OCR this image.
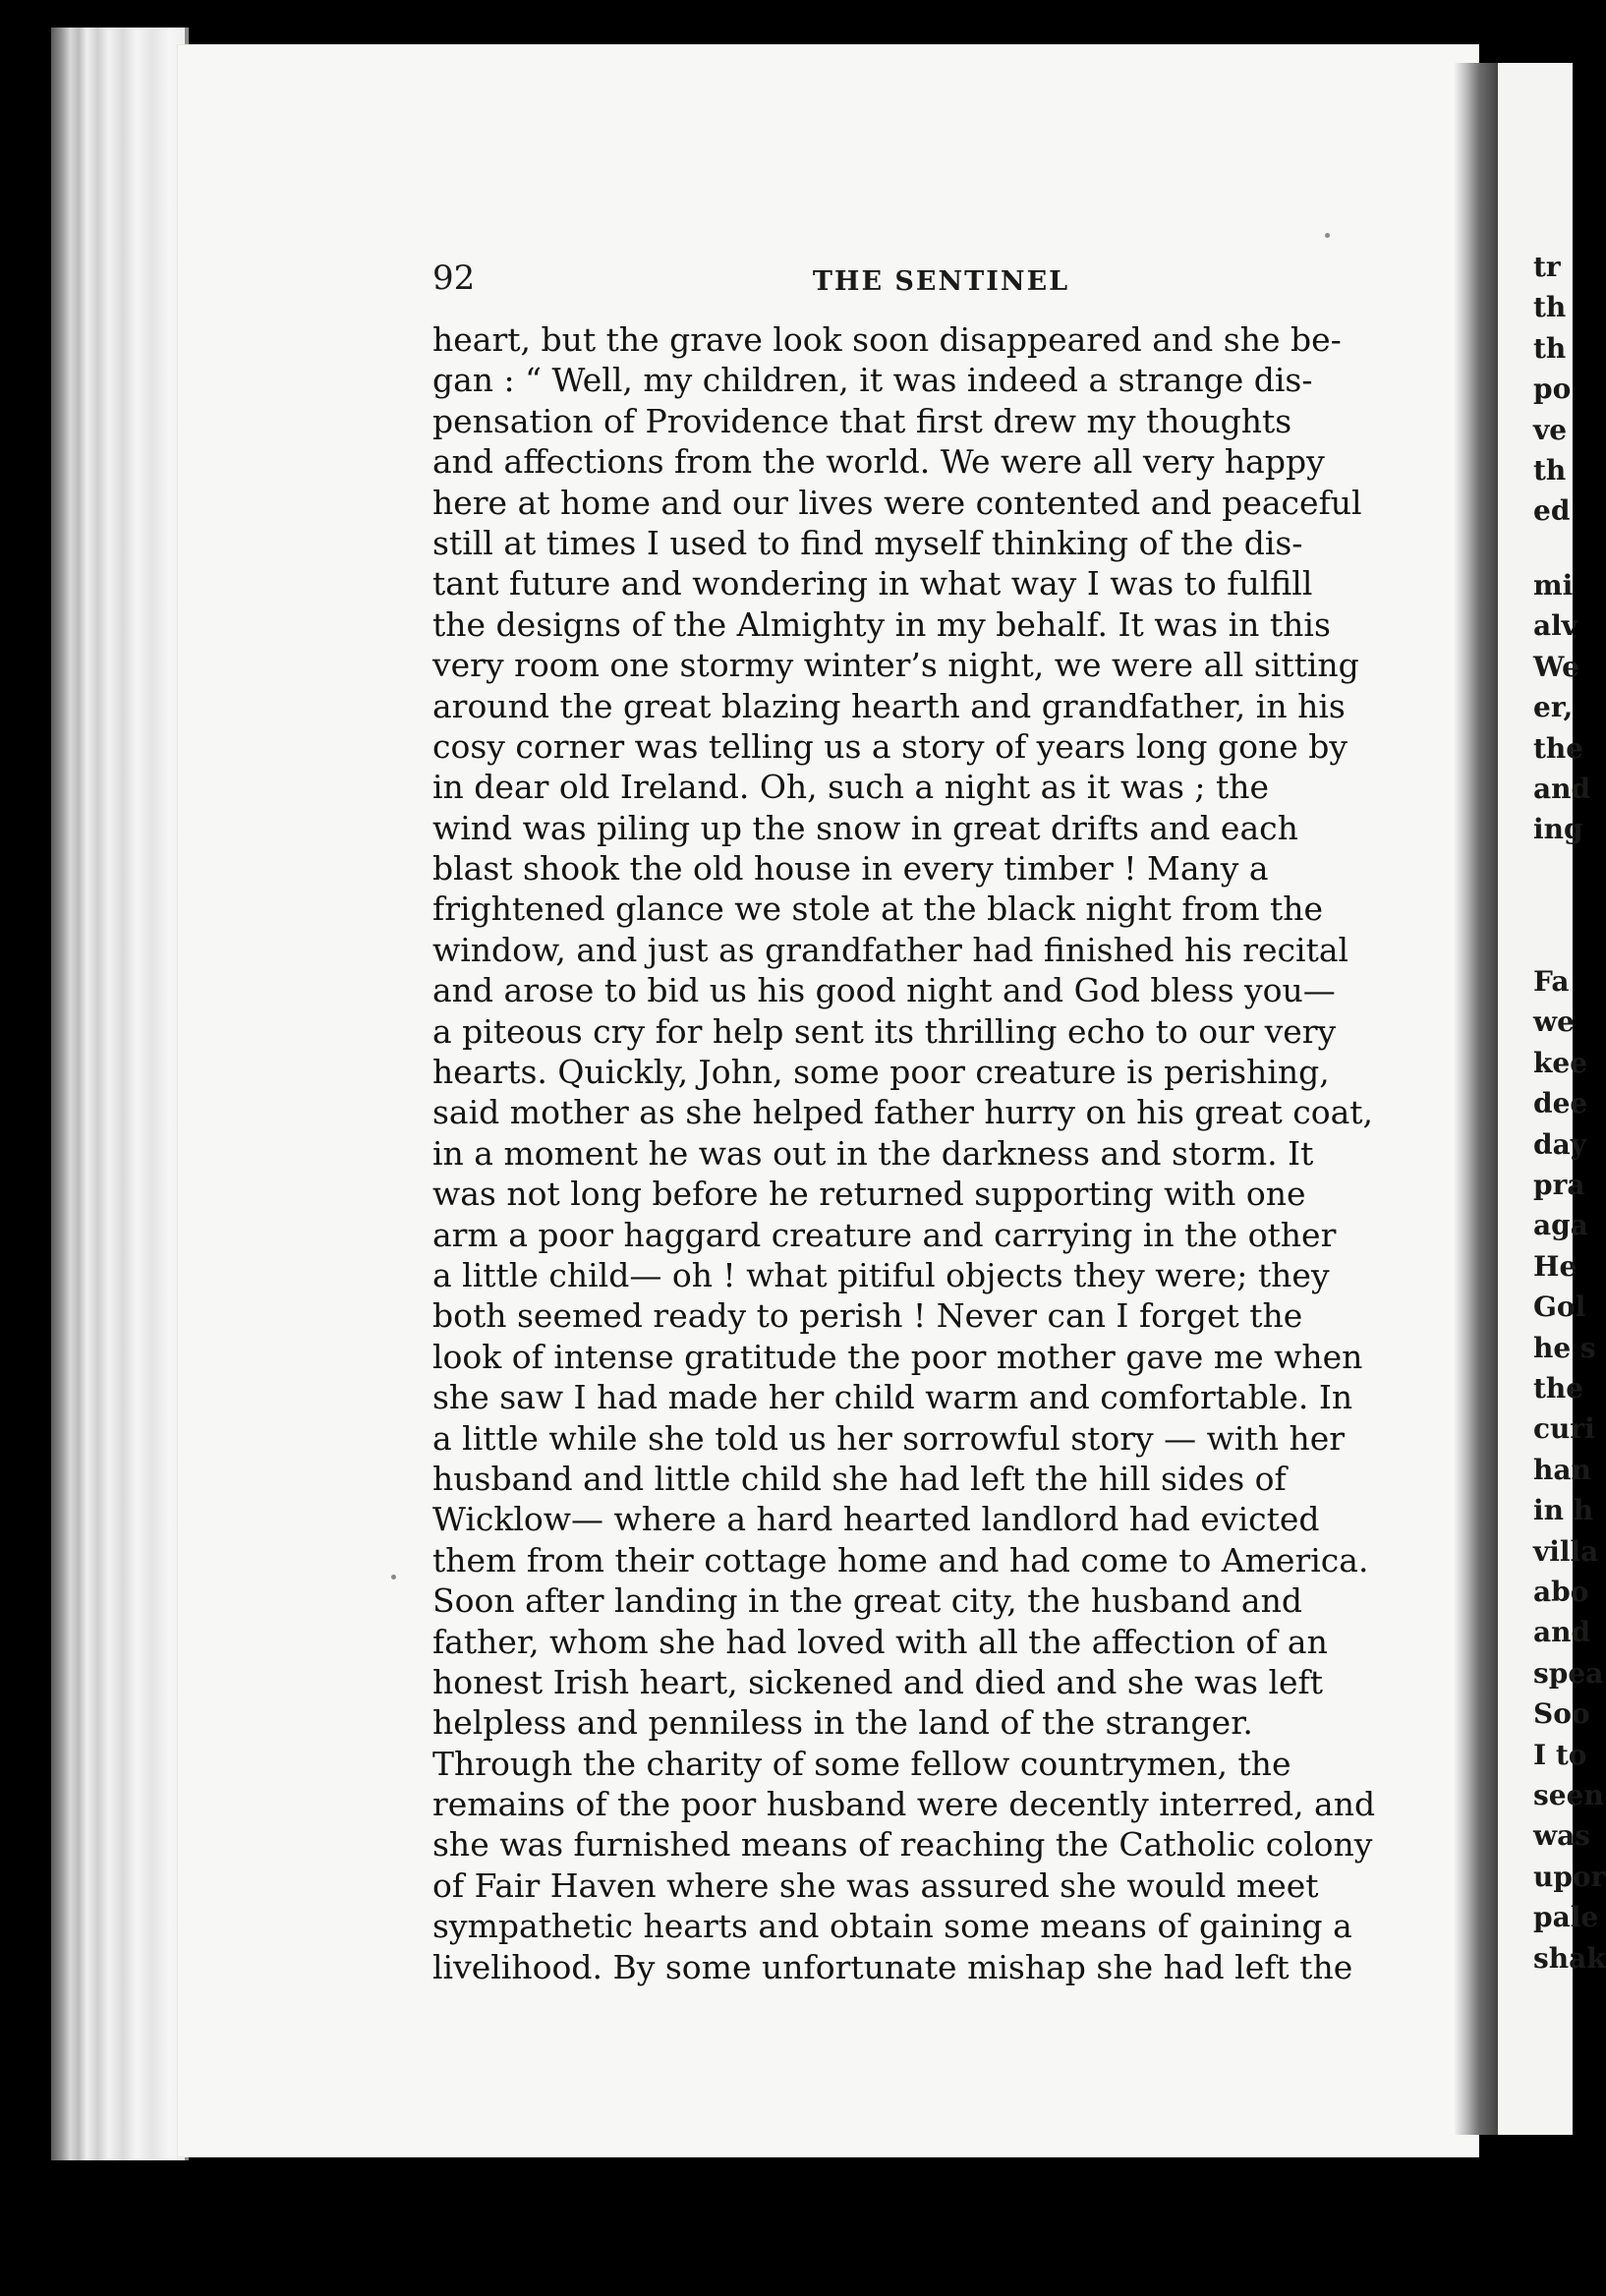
tr
th
th
po
ve
th
ed
mi
alv
We
er,
the
and
ing
Fa
we
kee
dee
day
pra
aga
He
Gol
he s
the
curi
han
in h
villa
abo
and
spea
Soo
I to
seen
was
upor
pale
shak
92	THE SENTINEL
heart, but the grave look soon disappeared and she be-
gan : “ Well, my children, it was indeed a strange dis-
pensation of Providence that first drew my thoughts
and affections from the world. We were all very happy
here at home and our lives were contented and peaceful
still at times I used to find myself thinking of the dis-
tant future and wondering in what way I was to fulfill
the designs of the Almighty in my behalf. It was in this
very room one stormy winter’s night, we were all sitting
around the great blazing hearth and grandfather, in his
cosy corner was telling us a story of years long gone by
in dear old Ireland. Oh, such a night as it was ; the
wind was piling up the snow in great drifts and each
blast shook the old house in every timber ! Many a
frightened glance we stole at the black night from the
window, and just as grandfather had finished his recital
and arose to bid us his good night and God bless you—
a piteous cry for help sent its thrilling echo to our very
hearts. Quickly, John, some poor creature is perishing,
said mother as she helped father hurry on his great coat,
in a moment he was out in the darkness and storm. It
was not long before he returned supporting with one
arm a poor haggard creature and carrying in the other
a little child— oh ! what pitiful objects they were; they
both seemed ready to perish ! Never can I forget the
look of intense gratitude the poor mother gave me when
she saw I had made her child warm and comfortable. In
a little while she told us her sorrowful story — with her
husband and little child she had left the hill sides of
Wicklow— where a hard hearted landlord had evicted
them from their cottage home and had come to America.
Soon after landing in the great city, the husband and
father, whom she had loved with all the affection of an
honest Irish heart, sickened and died and she was left
helpless and penniless in the land of the stranger.
Through the charity of some fellow countrymen, the
remains of the poor husband were decently interred, and
she was furnished means of reaching the Catholic colony
of Fair Haven where she was assured she would meet
sympathetic hearts and obtain some means of gaining a
livelihood. By some unfortunate mishap she had left the
